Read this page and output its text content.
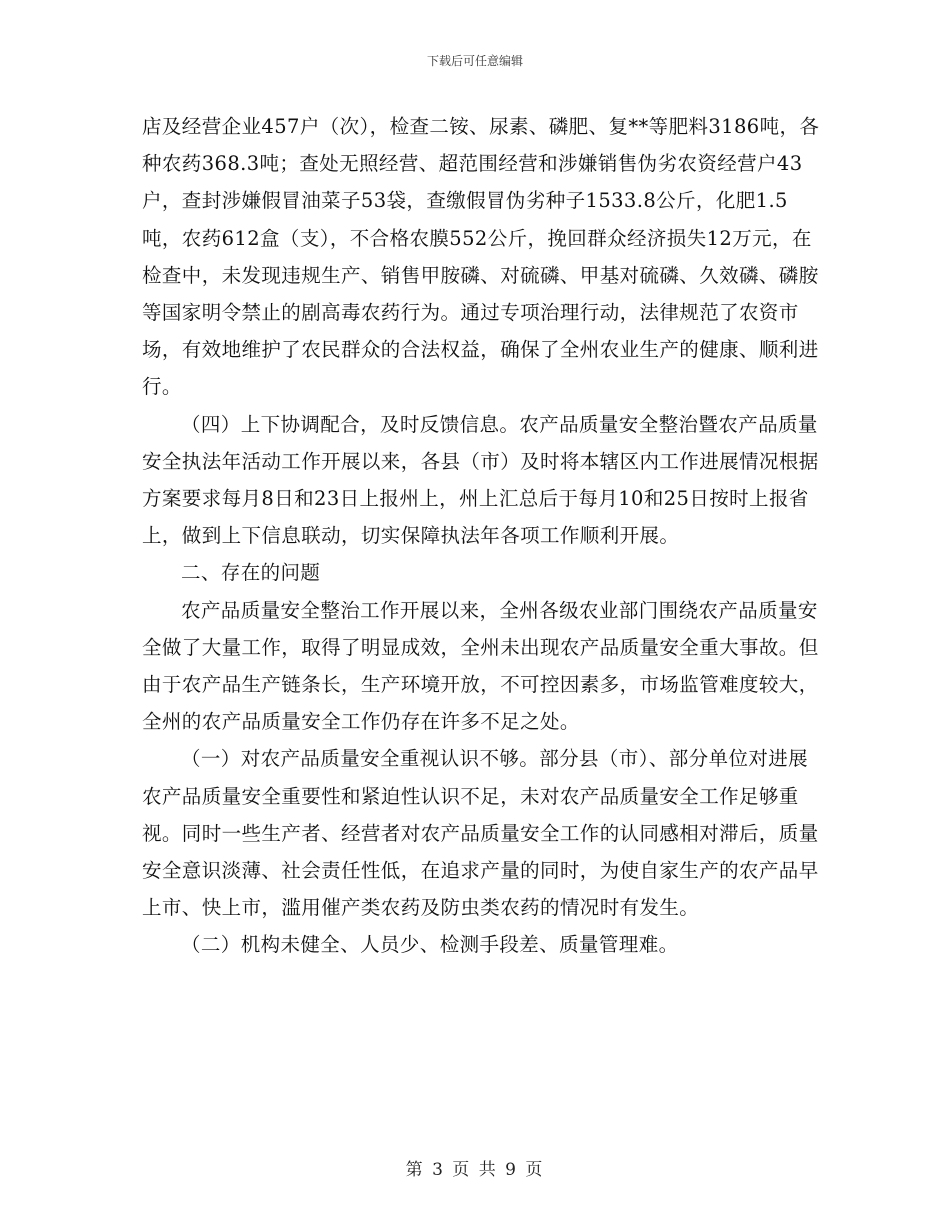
下载后可任意编辑

店及经营企业457户（次），检查二铵、尿素、磷肥、复**等肥料3186吨，各种农药368.3吨；查处无照经营、超范围经营和涉嫌销售伪劣农资经营户43户，查封涉嫌假冒油菜子53袋，查缴假冒伪劣种子1533.8公斤，化肥1.5吨，农药612盒（支），不合格农膜552公斤，挽回群众经济损失12万元，在检查中，未发现违规生产、销售甲胺磷、对硫磷、甲基对硫磷、久效磷、磷胺等国家明令禁止的剧高毒农药行为。通过专项治理行动，法律规范了农资市场，有效地维护了农民群众的合法权益，确保了全州农业生产的健康、顺利进行。

（四）上下协调配合，及时反馈信息。农产品质量安全整治暨农产品质量安全执法年活动工作开展以来，各县（市）及时将本辖区内工作进展情况根据方案要求每月8日和23日上报州上，州上汇总后于每月10和25日按时上报省上，做到上下信息联动，切实保障执法年各项工作顺利开展。

二、存在的问题

农产品质量安全整治工作开展以来，全州各级农业部门围绕农产品质量安全做了大量工作，取得了明显成效，全州未出现农产品质量安全重大事故。但由于农产品生产链条长，生产环境开放，不可控因素多，市场监管难度较大，全州的农产品质量安全工作仍存在许多不足之处。

（一）对农产品质量安全重视认识不够。部分县（市）、部分单位对进展农产品质量安全重要性和紧迫性认识不足，未对农产品质量安全工作足够重视。同时一些生产者、经营者对农产品质量安全工作的认同感相对滞后，质量安全意识淡薄、社会责任性低，在追求产量的同时，为使自家生产的农产品早上市、快上市，滥用催产类农药及防虫类农药的情况时有发生。

（二）机构未健全、人员少、检测手段差、质量管理难。

第 3 页 共 9 页
